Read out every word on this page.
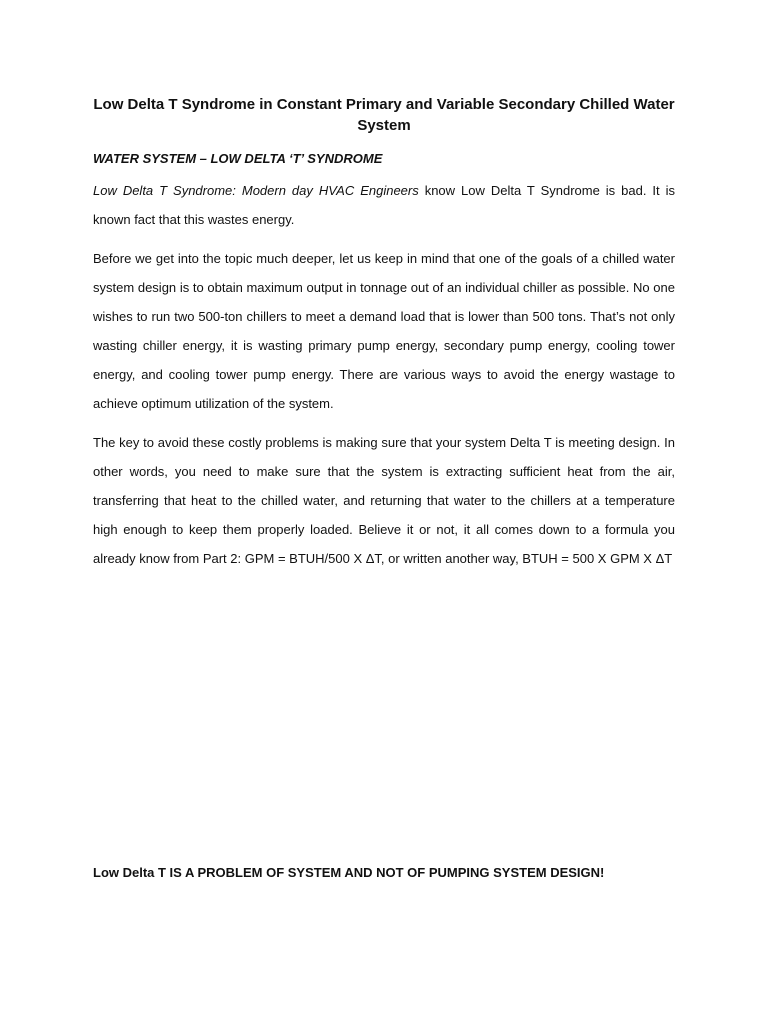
Low Delta T Syndrome in Constant Primary and Variable Secondary Chilled Water System

WATER SYSTEM – LOW DELTA ‘T’ SYNDROME

Low Delta T Syndrome: Modern day HVAC Engineers know Low Delta T Syndrome is bad. It is known fact that this wastes energy.

Before we get into the topic much deeper, let us keep in mind that one of the goals of a chilled water system design is to obtain maximum output in tonnage out of an individual chiller as possible. No one wishes to run two 500-ton chillers to meet a demand load that is lower than 500 tons. That’s not only wasting chiller energy, it is wasting primary pump energy, secondary pump energy, cooling tower energy, and cooling tower pump energy. There are various ways to avoid the energy wastage to achieve optimum utilization of the system.

The key to avoid these costly problems is making sure that your system Delta T is meeting design. In other words, you need to make sure that the system is extracting sufficient heat from the air, transferring that heat to the chilled water, and returning that water to the chillers at a temperature high enough to keep them properly loaded. Believe it or not, it all comes down to a formula you already know from Part 2: GPM = BTUH/500 X ΔT, or written another way, BTUH = 500 X GPM X ΔT

Low Delta T IS A PROBLEM OF SYSTEM AND NOT OF PUMPING SYSTEM DESIGN!
